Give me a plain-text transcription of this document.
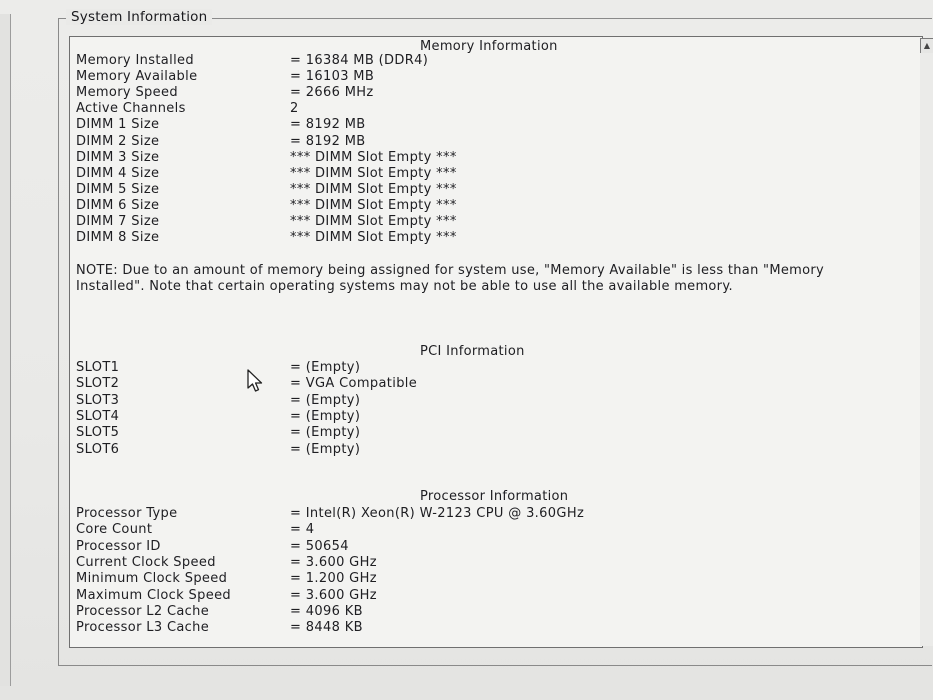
System Information
Memory Information
Memory Installed	= 16384 MB (DDR4)
Memory Available	= 16103 MB
Memory Speed	= 2666 MHz
Active Channels	2
DIMM 1 Size	= 8192 MB
DIMM 2 Size	= 8192 MB
DIMM 3 Size	*** DIMM Slot Empty ***
DIMM 4 Size	*** DIMM Slot Empty ***
DIMM 5 Size	*** DIMM Slot Empty ***
DIMM 6 Size	*** DIMM Slot Empty ***
DIMM 7 Size	*** DIMM Slot Empty ***
DIMM 8 Size	*** DIMM Slot Empty ***
NOTE: Due to an amount of memory being assigned for system use, "Memory Available" is less than "Memory Installed". Note that certain operating systems may not be able to use all the available memory.
PCI Information
SLOT1	= (Empty)
SLOT2	= VGA Compatible
SLOT3	= (Empty)
SLOT4	= (Empty)
SLOT5	= (Empty)
SLOT6	= (Empty)
Processor Information
Processor Type	= Intel(R) Xeon(R) W-2123 CPU @ 3.60GHz
Core Count	= 4
Processor ID	= 50654
Current Clock Speed	= 3.600 GHz
Minimum Clock Speed	= 1.200 GHz
Maximum Clock Speed	= 3.600 GHz
Processor L2 Cache	= 4096 KB
Processor L3 Cache	= 8448 KB
▲
